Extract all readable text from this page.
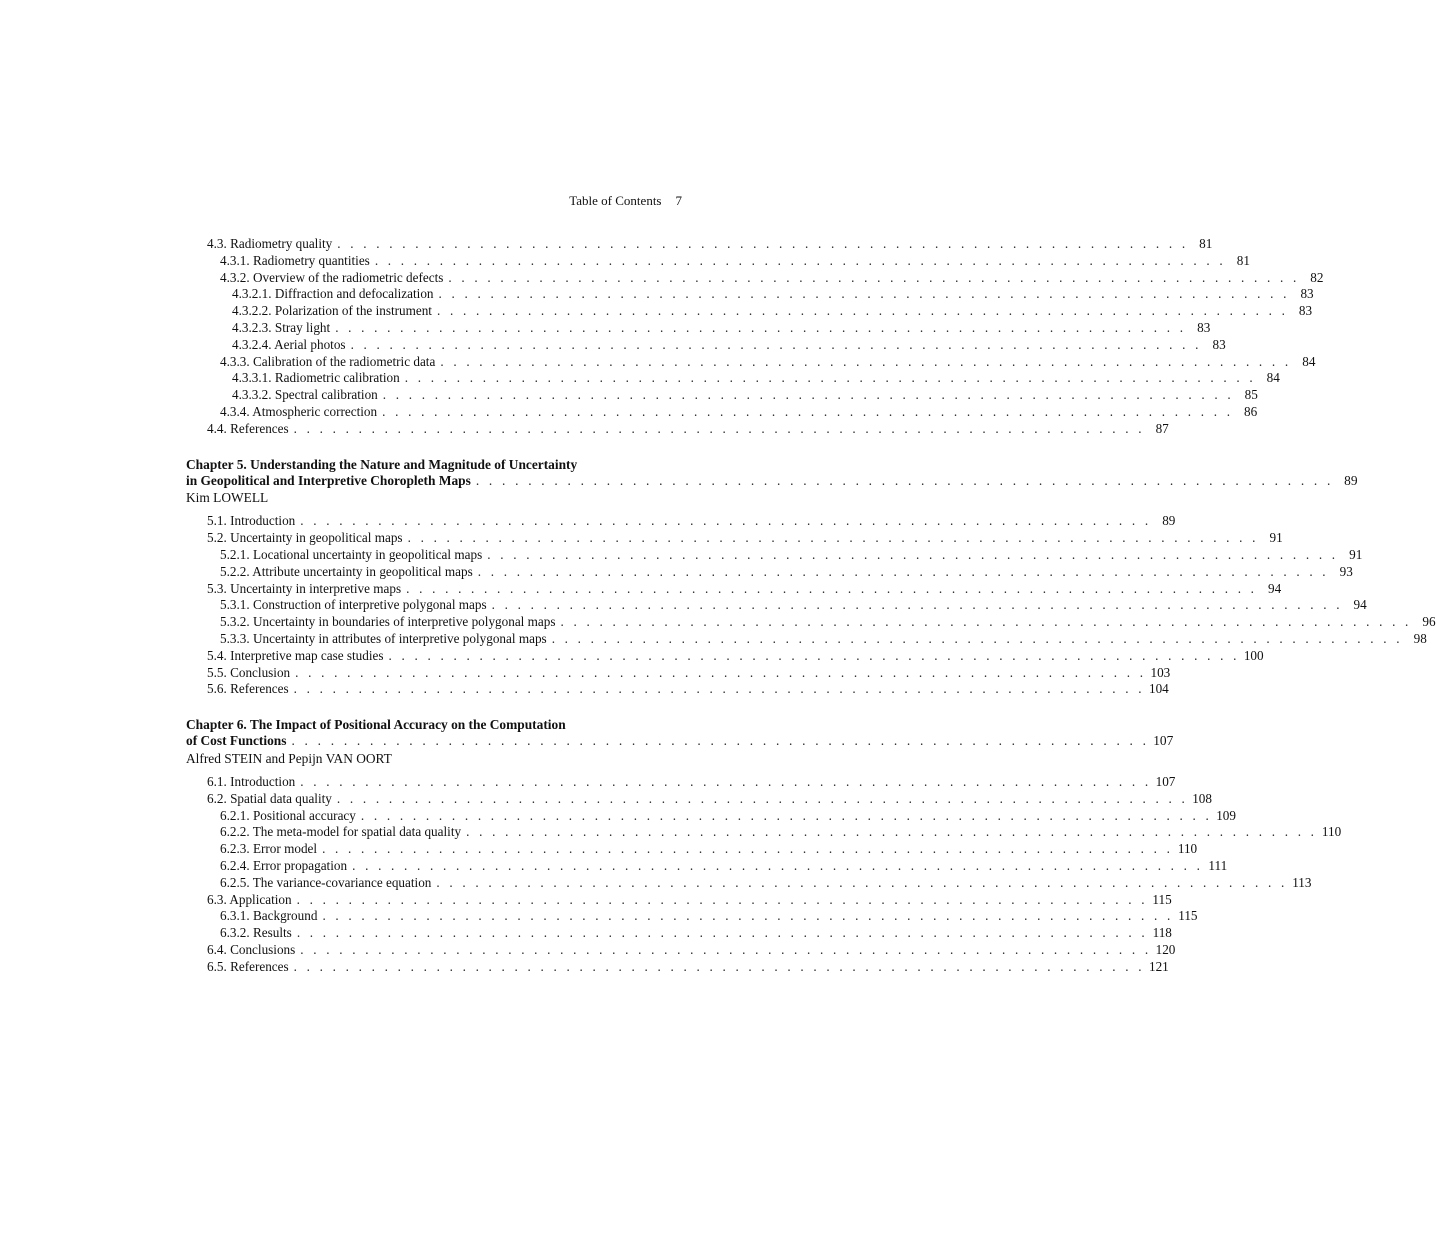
Table of Contents 7
4.3. Radiometry quality . . . . . . . . . . . . . . . . . . . . . . . . . . . . . . . . . . . . . . . . . . . . . . . . . . . . . . . . . . . . . . . . . . 81
4.3.1. Radiometry quantities . . . . . . . . . . . . . . . . . . . . . . . . . . . . . . . . . . . . . . . . . . . . . . . . . . . . . . . . . . . . . . . . . . 81
4.3.2. Overview of the radiometric defects . . . . . . . . . . . . . . . . . . . . . . . . . . . . . . . . . . . . . . . . . . . . . . . . . . . . . . . . . . . . . . . . . . 82
4.3.2.1. Diffraction and defocalization . . . . . . . . . . . . . . . . . . . . . . . . . . . . . . . . . . . . . . . . . . . . . . . . . . . . . . . . . . . . . . . . . . 83
4.3.2.2. Polarization of the instrument . . . . . . . . . . . . . . . . . . . . . . . . . . . . . . . . . . . . . . . . . . . . . . . . . . . . . . . . . . . . . . . . . . 83
4.3.2.3. Stray light . . . . . . . . . . . . . . . . . . . . . . . . . . . . . . . . . . . . . . . . . . . . . . . . . . . . . . . . . . . . . . . . . . 83
4.3.2.4. Aerial photos . . . . . . . . . . . . . . . . . . . . . . . . . . . . . . . . . . . . . . . . . . . . . . . . . . . . . . . . . . . . . . . . . . 83
4.3.3. Calibration of the radiometric data . . . . . . . . . . . . . . . . . . . . . . . . . . . . . . . . . . . . . . . . . . . . . . . . . . . . . . . . . . . . . . . . . . 84
4.3.3.1. Radiometric calibration . . . . . . . . . . . . . . . . . . . . . . . . . . . . . . . . . . . . . . . . . . . . . . . . . . . . . . . . . . . . . . . . . . 84
4.3.3.2. Spectral calibration . . . . . . . . . . . . . . . . . . . . . . . . . . . . . . . . . . . . . . . . . . . . . . . . . . . . . . . . . . . . . . . . . . 85
4.3.4. Atmospheric correction . . . . . . . . . . . . . . . . . . . . . . . . . . . . . . . . . . . . . . . . . . . . . . . . . . . . . . . . . . . . . . . . . . 86
4.4. References . . . . . . . . . . . . . . . . . . . . . . . . . . . . . . . . . . . . . . . . . . . . . . . . . . . . . . . . . . . . . . . . . . 87
Chapter 5. Understanding the Nature and Magnitude of Uncertainty
in Geopolitical and Interpretive Choropleth Maps . . . . . . . . . . . . . . . . . . . . . . . . . . . . . . . . . . . . . . . . . . . . . . . . . . . . . . . . . . . . . . . . . . 89
Kim LOWELL
5.1. Introduction . . . . . . . . . . . . . . . . . . . . . . . . . . . . . . . . . . . . . . . . . . . . . . . . . . . . . . . . . . . . . . . . . . 89
5.2. Uncertainty in geopolitical maps . . . . . . . . . . . . . . . . . . . . . . . . . . . . . . . . . . . . . . . . . . . . . . . . . . . . . . . . . . . . . . . . . . 91
5.2.1. Locational uncertainty in geopolitical maps . . . . . . . . . . . . . . . . . . . . . . . . . . . . . . . . . . . . . . . . . . . . . . . . . . . . . . . . . . . . . . . . . . 91
5.2.2. Attribute uncertainty in geopolitical maps . . . . . . . . . . . . . . . . . . . . . . . . . . . . . . . . . . . . . . . . . . . . . . . . . . . . . . . . . . . . . . . . . . 93
5.3. Uncertainty in interpretive maps . . . . . . . . . . . . . . . . . . . . . . . . . . . . . . . . . . . . . . . . . . . . . . . . . . . . . . . . . . . . . . . . . . 94
5.3.1. Construction of interpretive polygonal maps . . . . . . . . . . . . . . . . . . . . . . . . . . . . . . . . . . . . . . . . . . . . . . . . . . . . . . . . . . . . . . . . . . 94
5.3.2. Uncertainty in boundaries of interpretive polygonal maps . . . . . . . . . . . . . . . . . . . . . . . . . . . . . . . . . . . . . . . . . . . . . . . . . . . . . . . . . . . . . . . . . . 96
5.3.3. Uncertainty in attributes of interpretive polygonal maps . . . . . . . . . . . . . . . . . . . . . . . . . . . . . . . . . . . . . . . . . . . . . . . . . . . . . . . . . . . . . . . . . . 98
5.4. Interpretive map case studies . . . . . . . . . . . . . . . . . . . . . . . . . . . . . . . . . . . . . . . . . . . . . . . . . . . . . . . . . . . . . . . . . . 100
5.5. Conclusion . . . . . . . . . . . . . . . . . . . . . . . . . . . . . . . . . . . . . . . . . . . . . . . . . . . . . . . . . . . . . . . . . . 103
5.6. References . . . . . . . . . . . . . . . . . . . . . . . . . . . . . . . . . . . . . . . . . . . . . . . . . . . . . . . . . . . . . . . . . . 104
Chapter 6. The Impact of Positional Accuracy on the Computation
of Cost Functions . . . . . . . . . . . . . . . . . . . . . . . . . . . . . . . . . . . . . . . . . . . . . . . . . . . . . . . . . . . . . . . . . . 107
Alfred STEIN and Pepijn VAN OORT
6.1. Introduction . . . . . . . . . . . . . . . . . . . . . . . . . . . . . . . . . . . . . . . . . . . . . . . . . . . . . . . . . . . . . . . . . . 107
6.2. Spatial data quality . . . . . . . . . . . . . . . . . . . . . . . . . . . . . . . . . . . . . . . . . . . . . . . . . . . . . . . . . . . . . . . . . . 108
6.2.1. Positional accuracy . . . . . . . . . . . . . . . . . . . . . . . . . . . . . . . . . . . . . . . . . . . . . . . . . . . . . . . . . . . . . . . . . . 109
6.2.2. The meta-model for spatial data quality . . . . . . . . . . . . . . . . . . . . . . . . . . . . . . . . . . . . . . . . . . . . . . . . . . . . . . . . . . . . . . . . . . 110
6.2.3. Error model . . . . . . . . . . . . . . . . . . . . . . . . . . . . . . . . . . . . . . . . . . . . . . . . . . . . . . . . . . . . . . . . . . 110
6.2.4. Error propagation . . . . . . . . . . . . . . . . . . . . . . . . . . . . . . . . . . . . . . . . . . . . . . . . . . . . . . . . . . . . . . . . . . 111
6.2.5. The variance-covariance equation . . . . . . . . . . . . . . . . . . . . . . . . . . . . . . . . . . . . . . . . . . . . . . . . . . . . . . . . . . . . . . . . . . 113
6.3. Application . . . . . . . . . . . . . . . . . . . . . . . . . . . . . . . . . . . . . . . . . . . . . . . . . . . . . . . . . . . . . . . . . . 115
6.3.1. Background . . . . . . . . . . . . . . . . . . . . . . . . . . . . . . . . . . . . . . . . . . . . . . . . . . . . . . . . . . . . . . . . . . 115
6.3.2. Results . . . . . . . . . . . . . . . . . . . . . . . . . . . . . . . . . . . . . . . . . . . . . . . . . . . . . . . . . . . . . . . . . . 118
6.4. Conclusions . . . . . . . . . . . . . . . . . . . . . . . . . . . . . . . . . . . . . . . . . . . . . . . . . . . . . . . . . . . . . . . . . . 120
6.5. References . . . . . . . . . . . . . . . . . . . . . . . . . . . . . . . . . . . . . . . . . . . . . . . . . . . . . . . . . . . . . . . . . . 121
